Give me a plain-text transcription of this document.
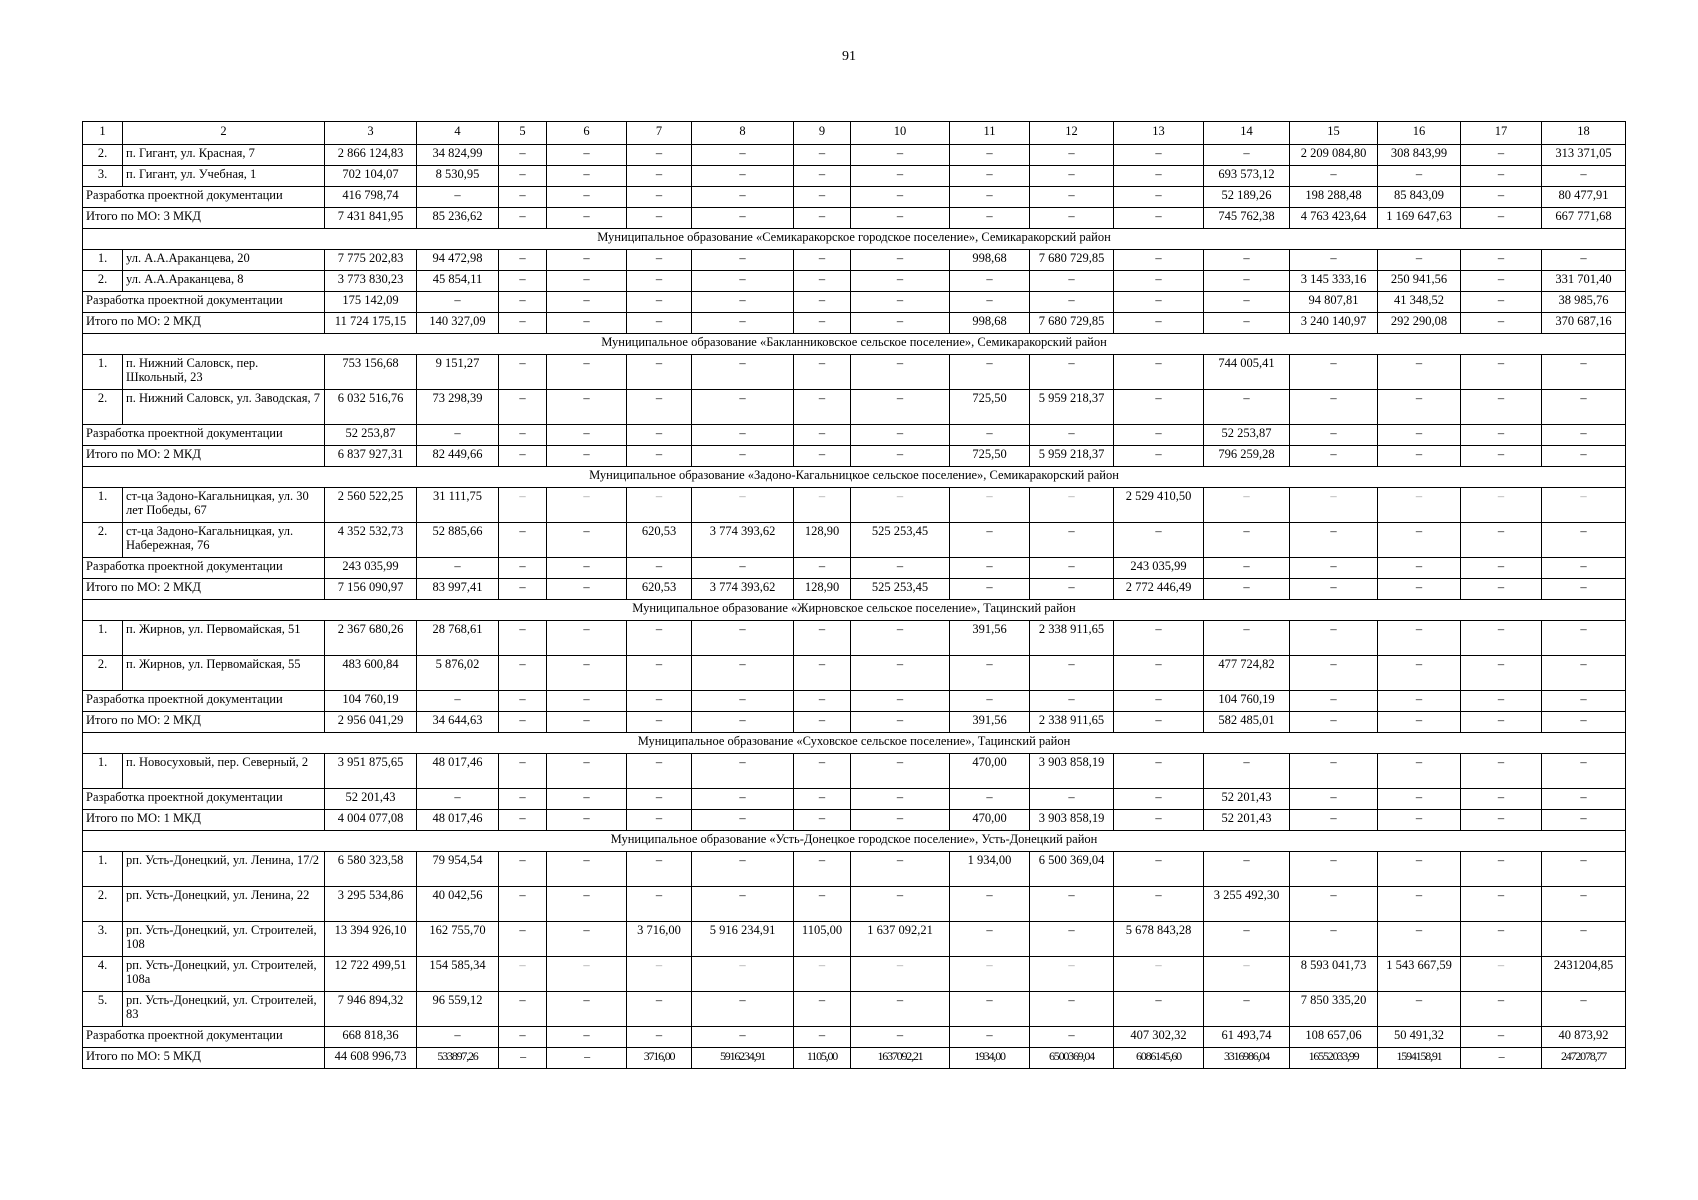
91
1	2	3	4	5	6	7	8	9	10	11	12	13	14	15	16	17	18
2.	п. Гигант, ул. Красная, 7	2 866 124,83	34 824,99	–	–	–	–	–	–	–	–	–	–	2 209 084,80	308 843,99	–	313 371,05
3.	п. Гигант, ул. Учебная, 1	702 104,07	8 530,95	–	–	–	–	–	–	–	–	–	693 573,12	–	–	–	–
Разработка проектной документации		416 798,74	–	–	–	–	–	–	–	–	–	–	52 189,26	198 288,48	85 843,09	–	80 477,91
Итого по МО: 3 МКД		7 431 841,95	85 236,62	–	–	–	–	–	–	–	–	–	745 762,38	4 763 423,64	1 169 647,63	–	667 771,68
Муниципальное образование «Семикаракорское городское поселение», Семикаракорский район																	
1.	ул. А.А.Араканцева, 20	7 775 202,83	94 472,98	–	–	–	–	–	–	998,68	7 680 729,85	–	–	–	–	–	–
2.	ул. А.А.Араканцева, 8	3 773 830,23	45 854,11	–	–	–	–	–	–	–	–	–	–	3 145 333,16	250 941,56	–	331 701,40
Разработка проектной документации		175 142,09	–	–	–	–	–	–	–	–	–	–	–	94 807,81	41 348,52	–	38 985,76
Итого по МО: 2 МКД		11 724 175,15	140 327,09	–	–	–	–	–	–	998,68	7 680 729,85	–	–	3 240 140,97	292 290,08	–	370 687,16
Муниципальное образование «Бакланниковское сельское поселение», Семикаракорский район																	
1.	п. Нижний Саловск, пер. Школьный, 23	753 156,68	9 151,27	–	–	–	–	–	–	–	–	–	744 005,41	–	–	–	–
2.	п. Нижний Саловск, ул. Заводская, 7	6 032 516,76	73 298,39	–	–	–	–	–	–	725,50	5 959 218,37	–	–	–	–	–	–
Разработка проектной документации		52 253,87	–	–	–	–	–	–	–	–	–	–	52 253,87	–	–	–	–
Итого по МО: 2 МКД		6 837 927,31	82 449,66	–	–	–	–	–	–	725,50	5 959 218,37	–	796 259,28	–	–	–	–
Муниципальное образование «Задоно-Кагальницкое сельское поселение», Семикаракорский район																	
1.	ст-ца Задоно-Кагальницкая, ул. 30 лет Победы, 67	2 560 522,25	31 111,75	–	–	–	–	–	–	–	–	2 529 410,50	–	–	–	–	–
2.	ст-ца Задоно-Кагальницкая, ул. Набережная, 76	4 352 532,73	52 885,66	–	–	620,53	3 774 393,62	128,90	525 253,45	–	–	–	–	–	–	–	–
Разработка проектной документации		243 035,99	–	–	–	–	–	–	–	–	–	243 035,99	–	–	–	–	–
Итого по МО: 2 МКД		7 156 090,97	83 997,41	–	–	620,53	3 774 393,62	128,90	525 253,45	–	–	2 772 446,49	–	–	–	–	–
Муниципальное образование «Жирновское сельское поселение», Тацинский район																	
1.	п. Жирнов, ул. Первомайская, 51	2 367 680,26	28 768,61	–	–	–	–	–	–	391,56	2 338 911,65	–	–	–	–	–	–
2.	п. Жирнов, ул. Первомайская, 55	483 600,84	5 876,02	–	–	–	–	–	–	–	–	–	477 724,82	–	–	–	–
Разработка проектной документации		104 760,19	–	–	–	–	–	–	–	–	–	–	104 760,19	–	–	–	–
Итого по МО: 2 МКД		2 956 041,29	34 644,63	–	–	–	–	–	–	391,56	2 338 911,65	–	582 485,01	–	–	–	–
Муниципальное образование «Суховское сельское поселение», Тацинский район																	
1.	п. Новосуховый, пер. Северный, 2	3 951 875,65	48 017,46	–	–	–	–	–	–	470,00	3 903 858,19	–	–	–	–	–	–
Разработка проектной документации		52 201,43	–	–	–	–	–	–	–	–	–	–	52 201,43	–	–	–	–
Итого по МО: 1 МКД		4 004 077,08	48 017,46	–	–	–	–	–	–	470,00	3 903 858,19	–	52 201,43	–	–	–	–
Муниципальное образование «Усть-Донецкое городское поселение», Усть-Донецкий район																	
1.	рп. Усть-Донецкий, ул. Ленина, 17/2	6 580 323,58	79 954,54	–	–	–	–	–	–	1 934,00	6 500 369,04	–	–	–	–	–	–
2.	рп. Усть-Донецкий, ул. Ленина, 22	3 295 534,86	40 042,56	–	–	–	–	–	–	–	–	–	3 255 492,30	–	–	–	–
3.	рп. Усть-Донецкий, ул. Строителей, 108	13 394 926,10	162 755,70	–	–	3 716,00	5 916 234,91	1105,00	1 637 092,21	–	–	5 678 843,28	–	–	–	–	–
4.	рп. Усть-Донецкий, ул. Строителей, 108а	12 722 499,51	154 585,34	–	–	–	–	–	–	–	–	–	–	8 593 041,73	1 543 667,59	–	2431204,85
5.	рп. Усть-Донецкий, ул. Строителей, 83	7 946 894,32	96 559,12	–	–	–	–	–	–	–	–	–	–	7 850 335,20	–	–	–
Разработка проектной документации		668 818,36	–	–	–	–	–	–	–	–	–	407 302,32	61 493,74	108 657,06	50 491,32	–	40 873,92
Итого по МО: 5 МКД		44 608 996,73	533897,26	–	–	3716,00	5916234,91	1105,00	1637092,21	1934,00	6500369,04	6086145,60	3316986,04	16552033,99	1594158,91	–	2472078,77
